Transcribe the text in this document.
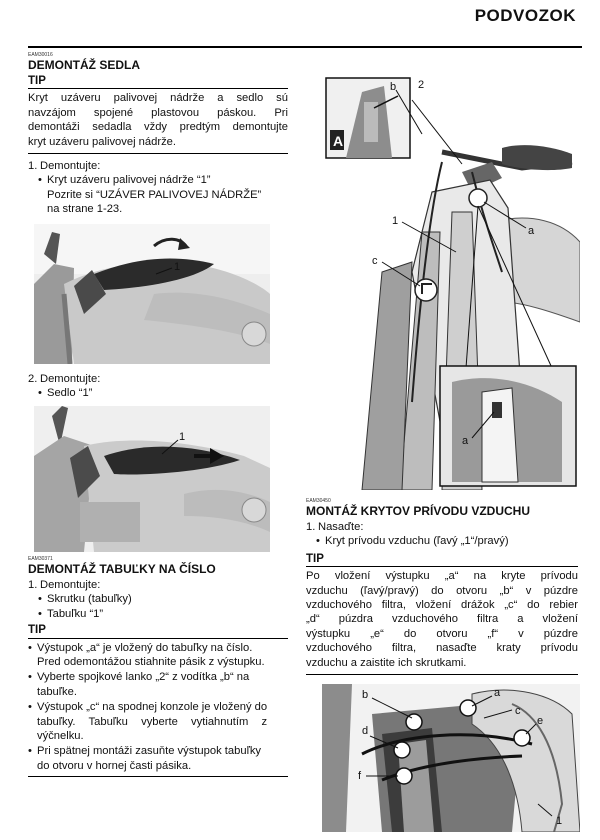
PODVOZOK
EAM30016
DEMONTÁŽ SEDLA
TIP
Kryt uzáveru palivovej nádrže a sedlo sú
navzájom spojené plastovou páskou. Pri
demontáži sedadla vždy predtým demontujte
kryt uzáveru palivovej nádrže.
1. Demontujte:
• Kryt uzáveru palivovej nádrže “1”
Pozrite si “UZÁVER PALIVOVEJ NÁDRŽE”
na strane 1-23.
1
2. Demontujte:
• Sedlo “1”
1
EAM30371
DEMONTÁŽ TABUĽKY NA ČÍSLO
1. Demontujte:
• Skrutku (tabuľky)
• Tabuľku “1”
TIP
• Výstupok „a“ je vložený do tabuľky na číslo.
Pred odemontážou stiahnite pásik z výstupku.
• Vyberte spojkové lanko „2“ z vodítka „b“ na
tabuľke.
• Výstupok „c“ na spodnej konzole je vložený do
tabuľky. Tabuľku vyberte vytiahnutím z
výčnelku.
• Pri spätnej montáži zasuňte výstupok tabuľky
do otvoru v hornej časti pásika.
A
b 2
1
c
a
a
EAM30450
MONTÁŽ KRYTOV PRÍVODU VZDUCHU
1. Nasaďte:
• Kryt prívodu vzduchu (ľavý „1“/pravý)
TIP
Po vložení výstupku „a“ na kryte prívodu
vzduchu (ľavý/pravý) do otvoru „b“ v púzdre
vzduchového filtra, vložení drážok „c“ do rebier
„d“ púzdra vzduchového filtra a vložení
výstupku „e“ do otvoru „f“ v púzdre
vzduchového filtra, nasaďte kraty prívodu
vzduchu a zaistite ich skrutkami.
b	a
c
e
d
f
1
